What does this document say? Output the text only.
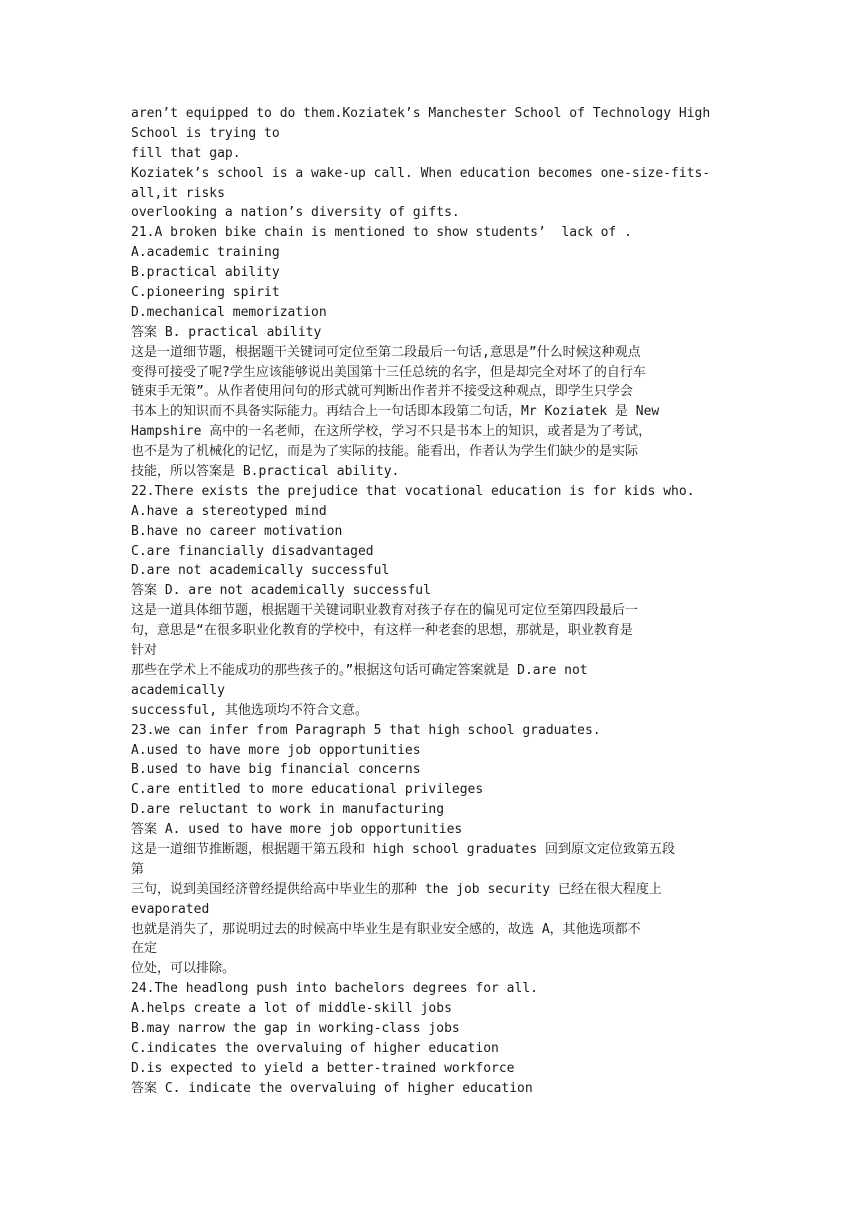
aren’t equipped to do them.Koziatek’s Manchester School of Technology High
School is trying to
fill that gap.
Koziatek’s school is a wake-up call. When education becomes one-size-fits-
all,it risks
overlooking a nation’s diversity of gifts.
21.A broken bike chain is mentioned to show students’  lack of .
A.academic training
B.practical ability
C.pioneering spirit
D.mechanical memorization
答案 B. practical ability
这是一道细节题，根据题干关键词可定位至第二段最后一句话,意思是”什么时候这种观点
变得可接受了呢?学生应该能够说出美国第十三任总统的名字，但是却完全对坏了的自行车
链束手无策”。从作者使用问句的形式就可判断出作者并不接受这种观点，即学生只学会
书本上的知识而不具备实际能力。再结合上一句话即本段第二句话，Mr Koziatek 是 New
Hampshire 高中的一名老师，在这所学校，学习不只是书本上的知识，或者是为了考试，
也不是为了机械化的记忆，而是为了实际的技能。能看出，作者认为学生们缺少的是实际
技能，所以答案是 B.practical ability.
22.There exists the prejudice that vocational education is for kids who.
A.have a stereotyped mind
B.have no career motivation
C.are financially disadvantaged
D.are not academically successful
答案 D. are not academically successful
这是一道具体细节题，根据题干关键词职业教育对孩子存在的偏见可定位至第四段最后一
句，意思是“在很多职业化教育的学校中，有这样一种老套的思想，那就是，职业教育是
针对
那些在学术上不能成功的那些孩子的。”根据这句话可确定答案就是 D.are not
academically
successful, 其他选项均不符合文意。
23.we can infer from Paragraph 5 that high school graduates.
A.used to have more job opportunities
B.used to have big financial concerns
C.are entitled to more educational privileges
D.are reluctant to work in manufacturing
答案 A. used to have more job opportunities
这是一道细节推断题，根据题干第五段和 high school graduates 回到原文定位致第五段
第
三句，说到美国经济曾经提供给高中毕业生的那种 the job security 已经在很大程度上
evaporated
也就是消失了，那说明过去的时候高中毕业生是有职业安全感的，故选 A，其他选项都不
在定
位处，可以排除。
24.The headlong push into bachelors degrees for all.
A.helps create a lot of middle-skill jobs
B.may narrow the gap in working-class jobs
C.indicates the overvaluing of higher education
D.is expected to yield a better-trained workforce
答案 C. indicate the overvaluing of higher education
